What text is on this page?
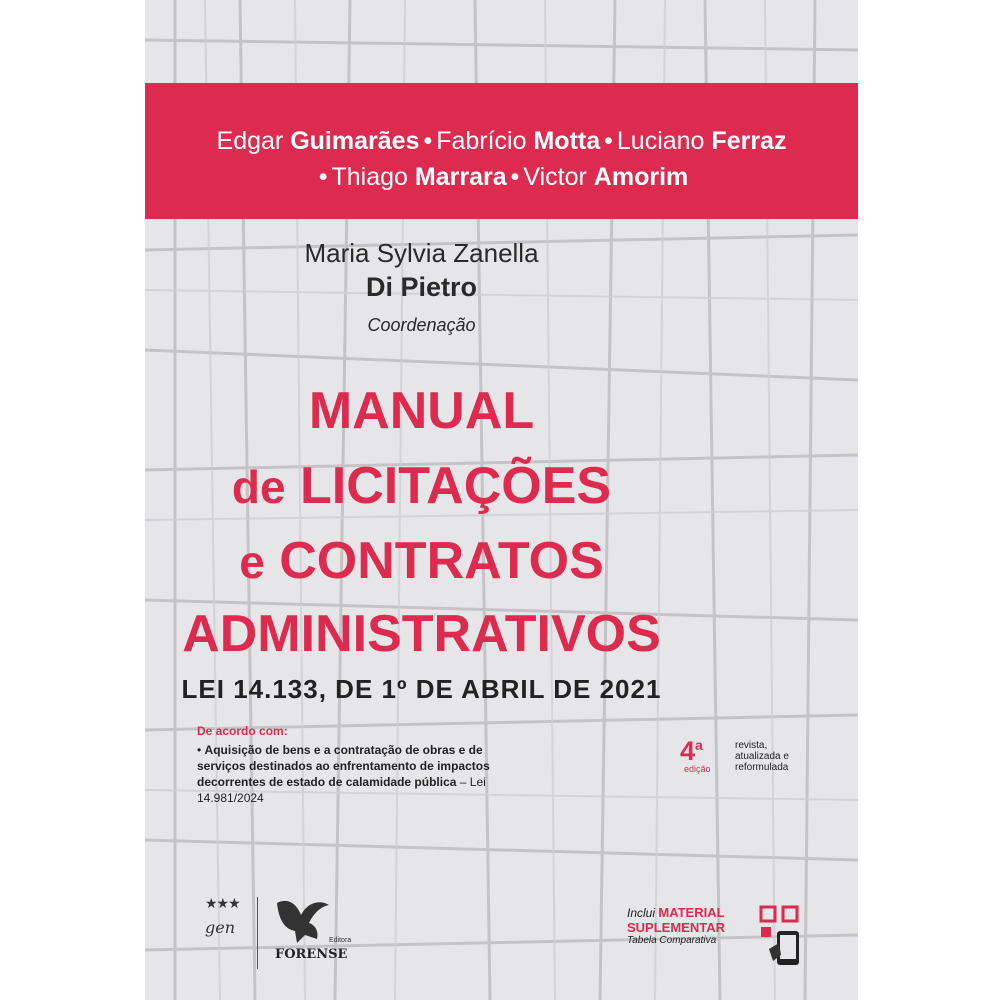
Edgar Guimarães • Fabrício Motta • Luciano Ferraz
• Thiago Marrara • Victor Amorim
Maria Sylvia Zanella
Di Pietro
Coordenação
MANUAL
de LICITAÇÕES
e CONTRATOS
ADMINISTRATIVOS
LEI 14.133, DE 1º DE ABRIL DE 2021
De acordo com:
• Aquisição de bens e a contratação de obras e de serviços destinados ao enfrentamento de impactos decorrentes de estado de calamidade pública – Lei 14.981/2024
4$^a$
edição
revista,
atualizada e
reformulada
★★★
gen
Editora
FORENSE
Inclui MATERIAL
SUPLEMENTAR
Tabela Comparativa
